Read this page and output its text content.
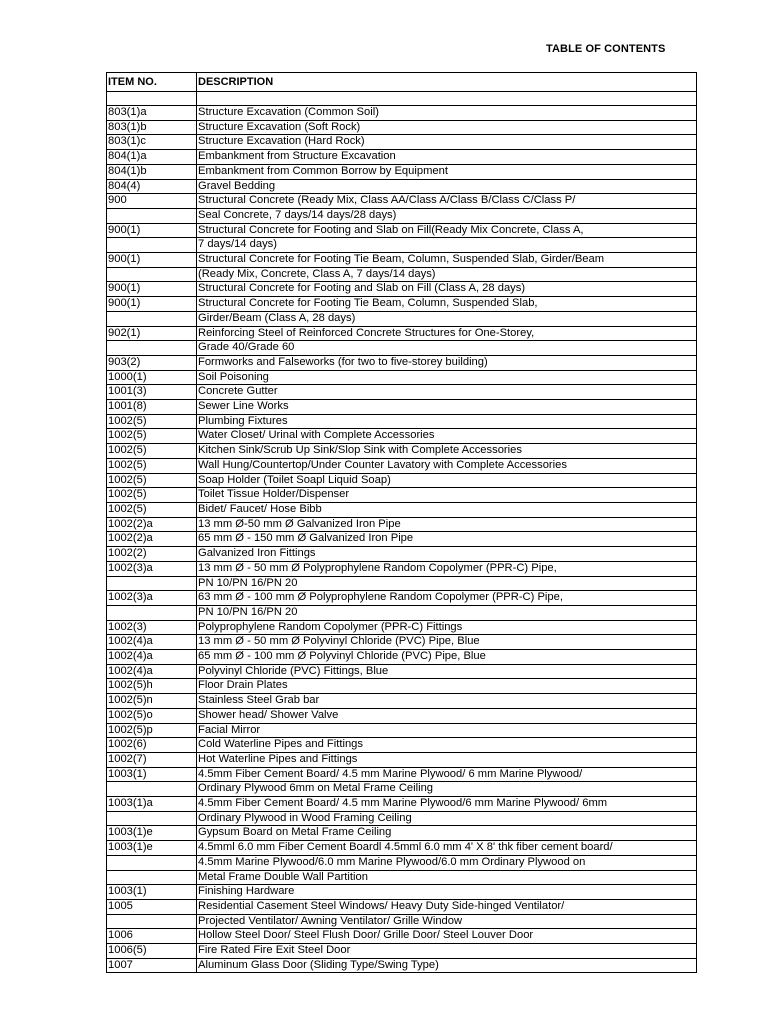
TABLE OF CONTENTS
ITEM NO.	DESCRIPTION

803(1)a	Structure Excavation (Common Soil)
803(1)b	Structure Excavation (Soft Rock)
803(1)c	Structure Excavation (Hard Rock)
804(1)a	Embankment from Structure Excavation
804(1)b	Embankment from Common Borrow by Equipment
804(4)	Gravel Bedding
900	Structural Concrete (Ready Mix, Class AA/Class A/Class B/Class C/Class P/
	Seal Concrete, 7 days/14 days/28 days)
900(1)	Structural Concrete for Footing and Slab on Fill(Ready Mix Concrete, Class A,
	7 days/14 days)
900(1)	Structural Concrete for Footing Tie Beam, Column, Suspended Slab, Girder/Beam
	(Ready Mix, Concrete, Class A, 7 days/14 days)
900(1)	Structural Concrete for Footing and Slab on Fill (Class A, 28 days)
900(1)	Structural Concrete for Footing Tie Beam, Column, Suspended Slab,
	Girder/Beam (Class A, 28 days)
902(1)	Reinforcing Steel of Reinforced Concrete Structures for One-Storey,
	Grade 40/Grade 60
903(2)	Formworks and Falseworks (for two to five-storey building)
1000(1)	Soil Poisoning
1001(3)	Concrete Gutter
1001(8)	Sewer Line Works
1002(5)	Plumbing Fixtures
1002(5)	Water Closet/ Urinal with Complete Accessories
1002(5)	Kitchen Sink/Scrub Up Sink/Slop Sink with Complete Accessories
1002(5)	Wall Hung/Countertop/Under Counter Lavatory with Complete Accessories
1002(5)	Soap Holder (Toilet Soapl Liquid Soap)
1002(5)	Toilet Tissue Holder/Dispenser
1002(5)	Bidet/ Faucet/ Hose Bibb
1002(2)a	13 mm Ø-50 mm Ø Galvanized Iron Pipe
1002(2)a	65 mm Ø - 150 mm Ø Galvanized Iron Pipe
1002(2)	Galvanized Iron Fittings
1002(3)a	13 mm Ø - 50 mm Ø Polyprophylene Random Copolymer (PPR-C) Pipe,
	PN 10/PN 16/PN 20
1002(3)a	63 mm Ø - 100 mm Ø Polyprophylene Random Copolymer (PPR-C) Pipe,
	PN 10/PN 16/PN 20
1002(3)	Polyprophylene Random Copolymer (PPR-C) Fittings
1002(4)a	13 mm Ø - 50 mm Ø Polyvinyl Chloride (PVC) Pipe, Blue
1002(4)a	65 mm Ø - 100 mm Ø Polyvinyl Chloride (PVC) Pipe, Blue
1002(4)a	Polyvinyl Chloride (PVC) Fittings, Blue
1002(5)h	Floor Drain Plates
1002(5)n	Stainless Steel Grab bar
1002(5)o	Shower head/ Shower Valve
1002(5)p	Facial Mirror
1002(6)	Cold Waterline Pipes and Fittings
1002(7)	Hot Waterline Pipes and Fittings
1003(1)	4.5mm Fiber Cement Board/ 4.5 mm Marine Plywood/ 6 mm Marine Plywood/
	Ordinary Plywood 6mm on Metal Frame Ceiling
1003(1)a	4.5mm Fiber Cement Board/ 4.5 mm Marine Plywood/6 mm Marine Plywood/ 6mm
	Ordinary Plywood in Wood Framing Ceiling
1003(1)e	Gypsum Board on Metal Frame Ceiling
1003(1)e	4.5mml 6.0 mm Fiber Cement Boardl 4.5mml 6.0 mm 4' X 8' thk fiber cement board/
	4.5mm Marine Plywood/6.0 mm Marine Plywood/6.0 mm Ordinary Plywood on
	Metal Frame Double Wall Partition
1003(1)	Finishing Hardware
1005	Residential Casement Steel Windows/ Heavy Duty Side-hinged Ventilator/
	Projected Ventilator/ Awning Ventilator/ Grille Window
1006	Hollow Steel Door/ Steel Flush Door/ Grille Door/ Steel Louver Door
1006(5)	Fire Rated Fire Exit Steel Door
1007	Aluminum Glass Door (Sliding Type/Swing Type)
